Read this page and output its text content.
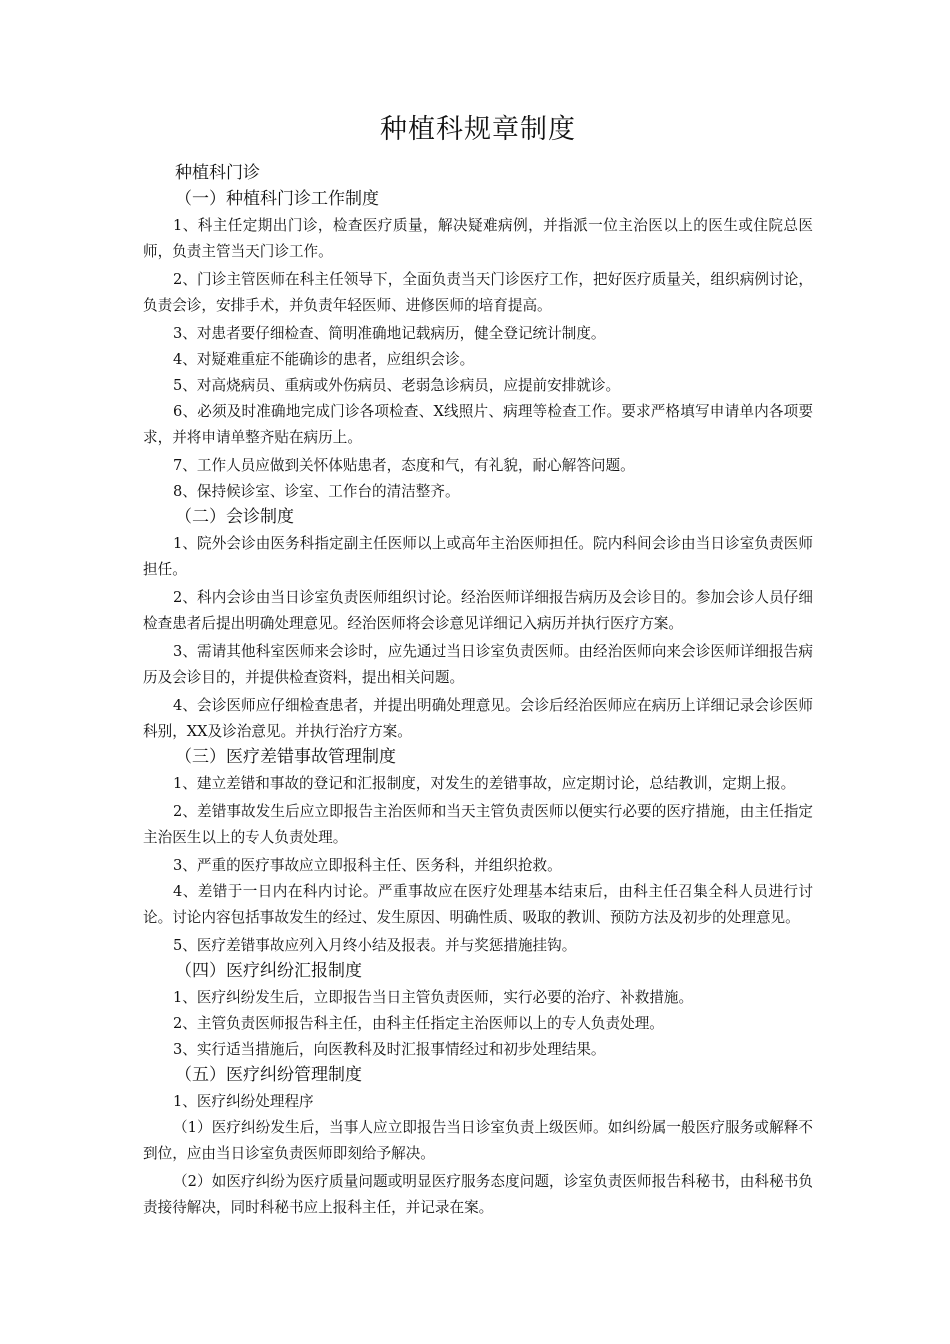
种植科规章制度
种植科门诊
（一）种植科门诊工作制度

1、科主任定期出门诊，检查医疗质量，解决疑难病例，并指派一位主治医以上的医生或住院总医师，负责主管当天门诊工作。

2、门诊主管医师在科主任领导下，全面负责当天门诊医疗工作，把好医疗质量关，组织病例讨论，负责会诊，安排手术，并负责年轻医师、进修医师的培育提高。

3、对患者要仔细检查、简明准确地记载病历，健全登记统计制度。

4、对疑难重症不能确诊的患者，应组织会诊。

5、对高烧病员、重病或外伤病员、老弱急诊病员，应提前安排就诊。

6、必须及时准确地完成门诊各项检查、X线照片、病理等检查工作。要求严格填写申请单内各项要求，并将申请单整齐贴在病历上。

7、工作人员应做到关怀体贴患者，态度和气，有礼貌，耐心解答问题。

8、保持候诊室、诊室、工作台的清洁整齐。

（二）会诊制度

1、院外会诊由医务科指定副主任医师以上或高年主治医师担任。院内科间会诊由当日诊室负责医师担任。

2、科内会诊由当日诊室负责医师组织讨论。经治医师详细报告病历及会诊目的。参加会诊人员仔细检查患者后提出明确处理意见。经治医师将会诊意见详细记入病历并执行医疗方案。

3、需请其他科室医师来会诊时，应先通过当日诊室负责医师。由经治医师向来会诊医师详细报告病历及会诊目的，并提供检查资料，提出相关问题。

4、会诊医师应仔细检查患者，并提出明确处理意见。会诊后经治医师应在病历上详细记录会诊医师科别，XX及诊治意见。并执行治疗方案。

（三）医疗差错事故管理制度

1、建立差错和事故的登记和汇报制度，对发生的差错事故，应定期讨论，总结教训，定期上报。

2、差错事故发生后应立即报告主治医师和当天主管负责医师以便实行必要的医疗措施，由主任指定主治医生以上的专人负责处理。

3、严重的医疗事故应立即报科主任、医务科，并组织抢救。

4、差错于一日内在科内讨论。严重事故应在医疗处理基本结束后，由科主任召集全科人员进行讨论。讨论内容包括事故发生的经过、发生原因、明确性质、吸取的教训、预防方法及初步的处理意见。

5、医疗差错事故应列入月终小结及报表。并与奖惩措施挂钩。

（四）医疗纠纷汇报制度

1、医疗纠纷发生后，立即报告当日主管负责医师，实行必要的治疗、补救措施。

2、主管负责医师报告科主任，由科主任指定主治医师以上的专人负责处理。

3、实行适当措施后，向医教科及时汇报事情经过和初步处理结果。

（五）医疗纠纷管理制度

1、医疗纠纷处理程序

（1）医疗纠纷发生后，当事人应立即报告当日诊室负责上级医师。如纠纷属一般医疗服务或解释不到位，应由当日诊室负责医师即刻给予解决。

（2）如医疗纠纷为医疗质量问题或明显医疗服务态度问题，诊室负责医师报告科秘书，由科秘书负责接待解决，同时科秘书应上报科主任，并记录在案。
